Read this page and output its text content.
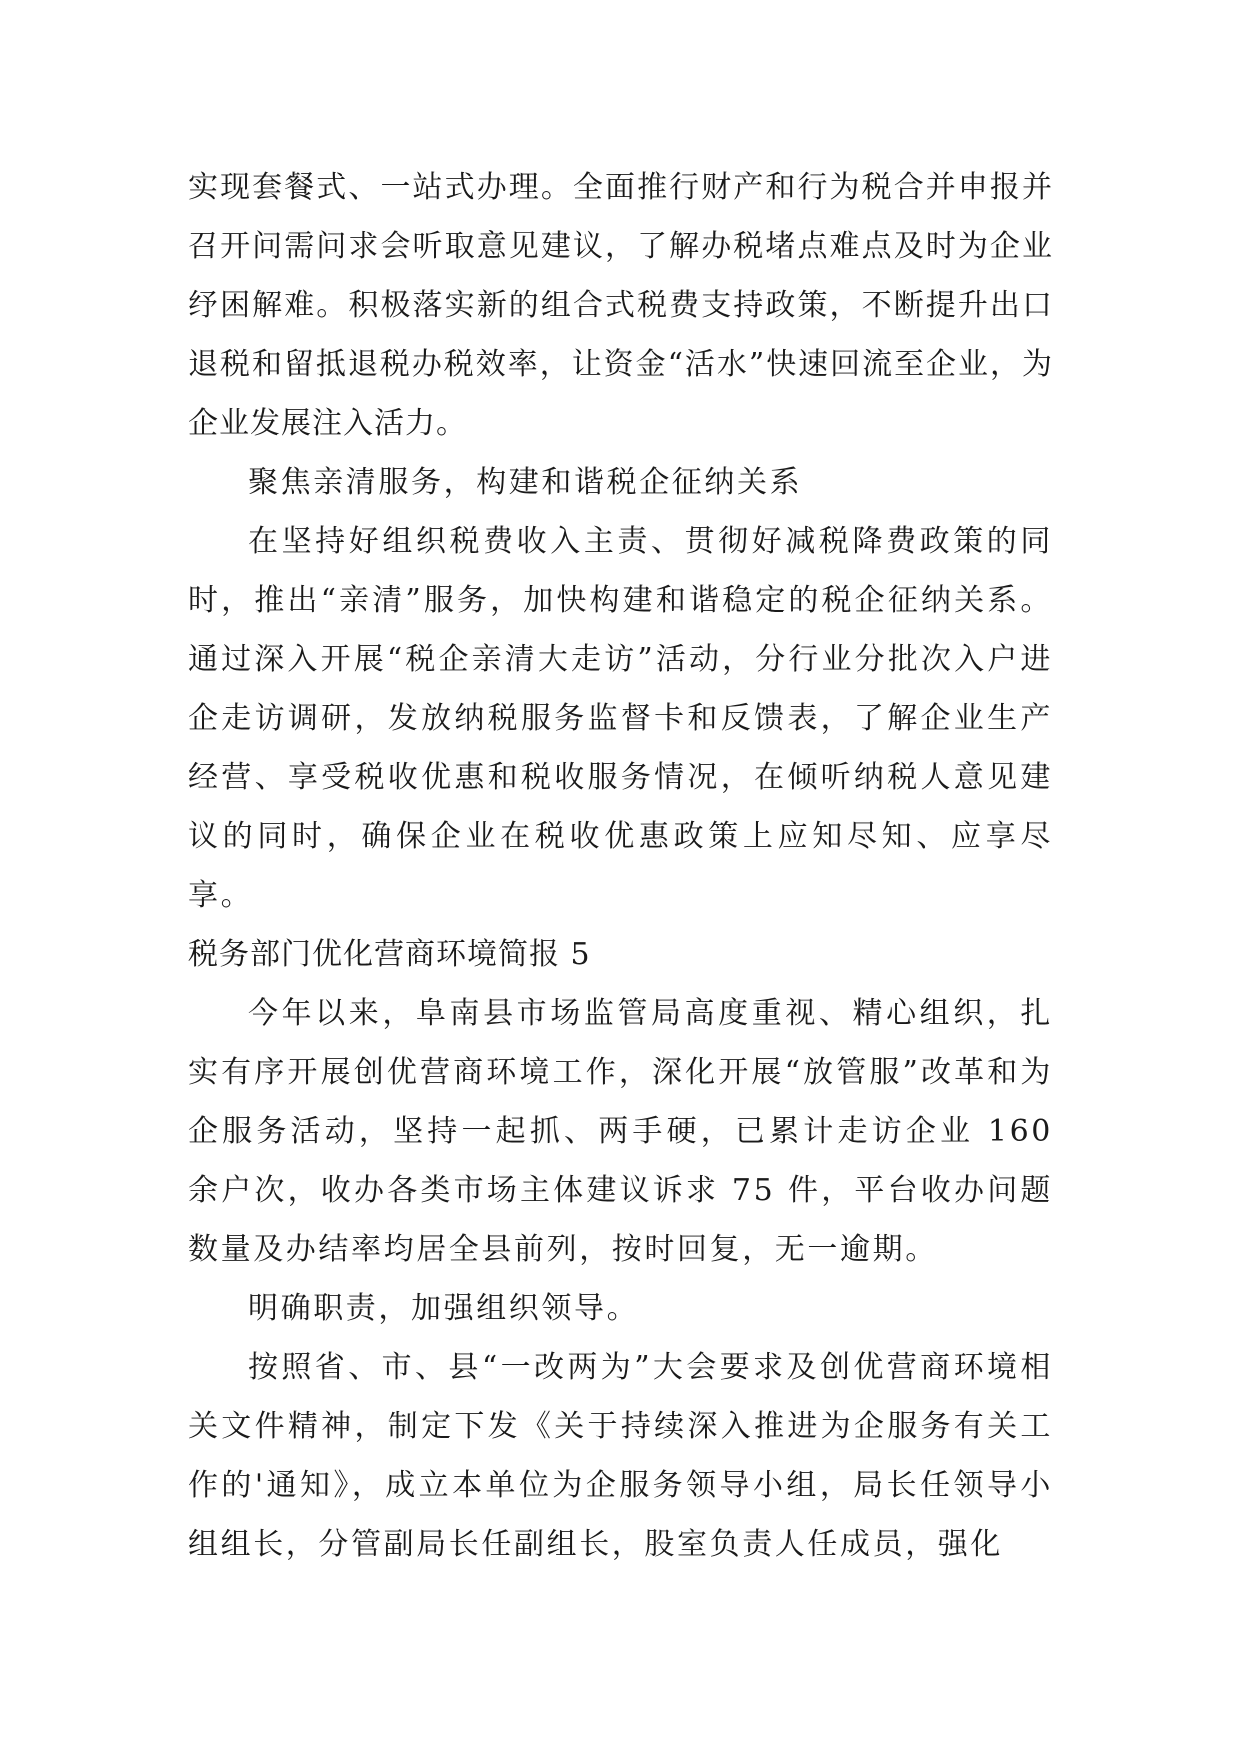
实现套餐式、一站式办理。全面推行财产和行为税合并申报并召开问需问求会听取意见建议，了解办税堵点难点及时为企业纾困解难。积极落实新的组合式税费支持政策，不断提升出口退税和留抵退税办税效率，让资金“活水”快速回流至企业，为企业发展注入活力。

聚焦亲清服务，构建和谐税企征纳关系

在坚持好组织税费收入主责、贯彻好减税降费政策的同时，推出“亲清”服务，加快构建和谐稳定的税企征纳关系。通过深入开展“税企亲清大走访”活动，分行业分批次入户进企走访调研，发放纳税服务监督卡和反馈表，了解企业生产经营、享受税收优惠和税收服务情况，在倾听纳税人意见建议的同时，确保企业在税收优惠政策上应知尽知、应享尽享。

税务部门优化营商环境简报 5

今年以来，阜南县市场监管局高度重视、精心组织，扎实有序开展创优营商环境工作，深化开展“放管服”改革和为企服务活动，坚持一起抓、两手硬，已累计走访企业 160 余户次，收办各类市场主体建议诉求 75 件，平台收办问题数量及办结率均居全县前列，按时回复，无一逾期。

明确职责，加强组织领导。

按照省、市、县“一改两为”大会要求及创优营商环境相关文件精神，制定下发《关于持续深入推进为企服务有关工作的'通知》，成立本单位为企服务领导小组，局长任领导小组组长，分管副局长任副组长，股室负责人任成员，强化
